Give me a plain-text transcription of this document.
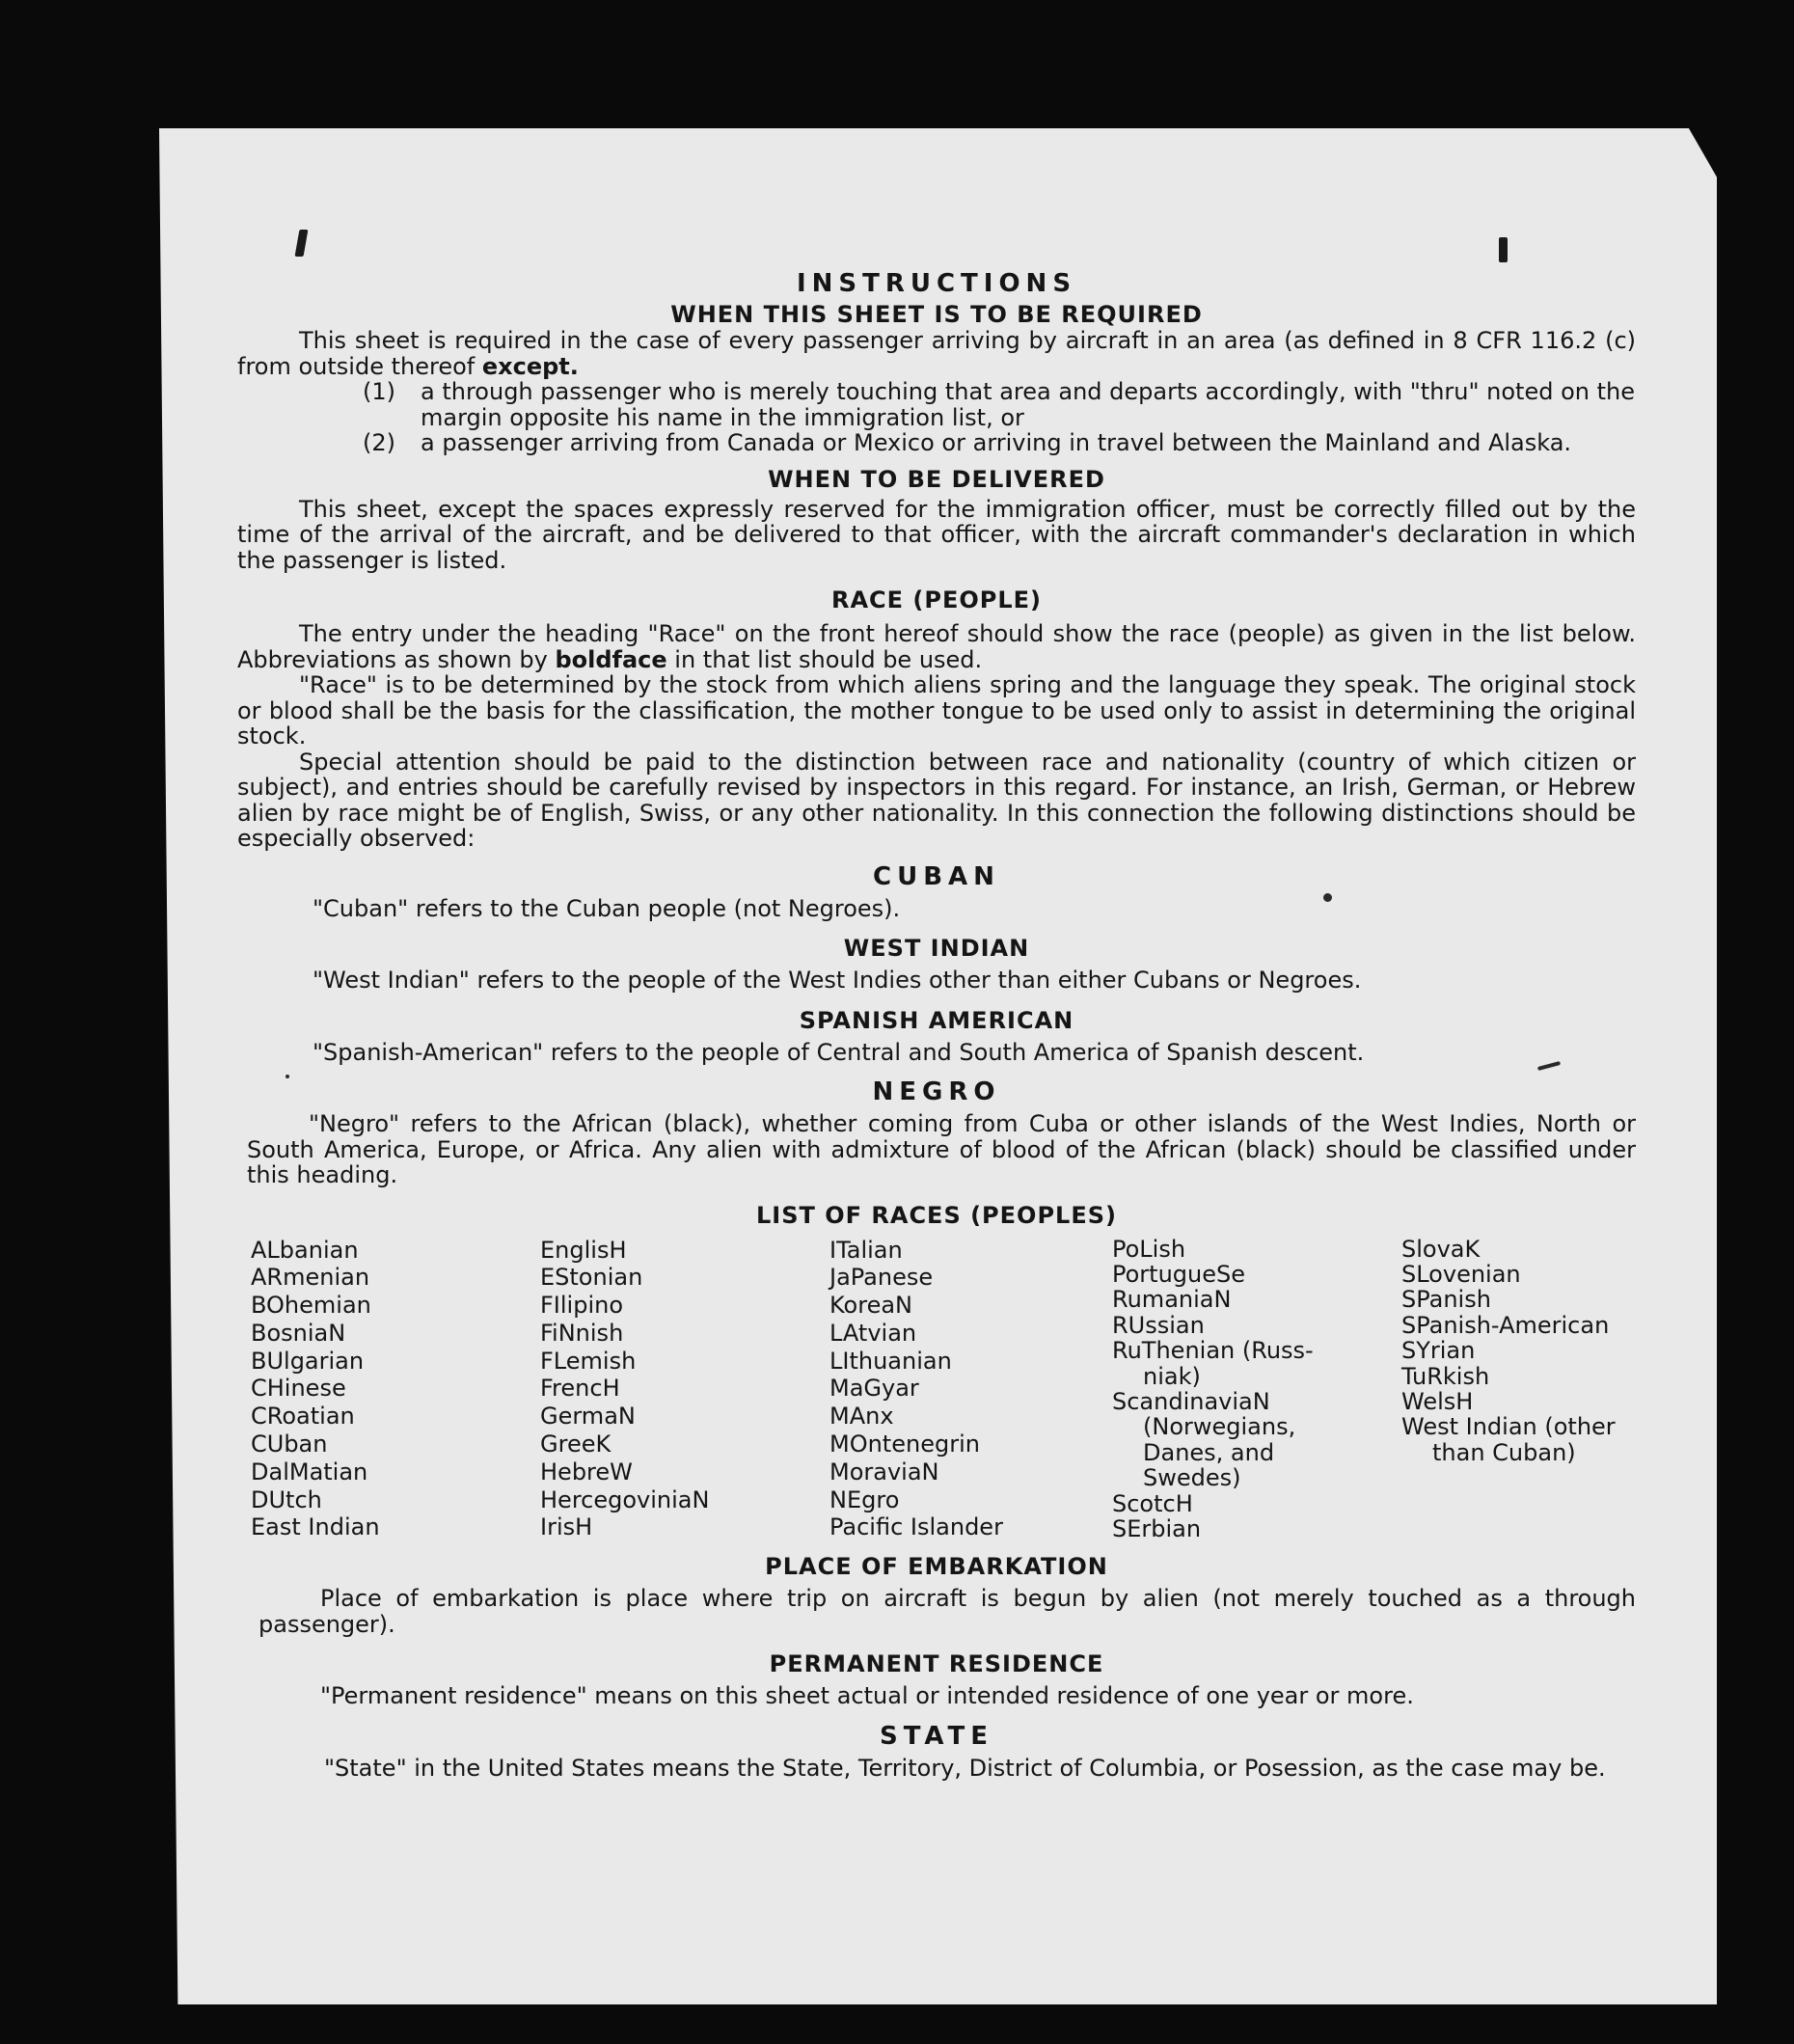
INSTRUCTIONS
WHEN THIS SHEET IS TO BE REQUIRED

This sheet is required in the case of every passenger arriving by aircraft in an area (as defined in 8 CFR 116.2 (c) from outside thereof except.

(1)	a through passenger who is merely touching that area and departs accordingly, with "thru" noted on the margin opposite his name in the immigration list, or
(2)	a passenger arriving from Canada or Mexico or arriving in travel between the Mainland and Alaska.
WHEN TO BE DELIVERED

This sheet, except the spaces expressly reserved for the immigration officer, must be correctly filled out by the time of the arrival of the aircraft, and be delivered to that officer, with the aircraft commander's declaration in which the passenger is listed.

RACE (PEOPLE)

The entry under the heading "Race" on the front hereof should show the race (people) as given in the list below. Abbreviations as shown by boldface in that list should be used.

"Race" is to be determined by the stock from which aliens spring and the language they speak. The original stock or blood shall be the basis for the classification, the mother tongue to be used only to assist in determining the original stock.

Special attention should be paid to the distinction between race and nationality (country of which citizen or subject), and entries should be carefully revised by inspectors in this regard. For instance, an Irish, German, or Hebrew alien by race might be of English, Swiss, or any other nationality. In this connection the following distinctions should be especially observed:

CUBAN

"Cuban" refers to the Cuban people (not Negroes).

WEST INDIAN

"West Indian" refers to the people of the West Indies other than either Cubans or Negroes.

SPANISH AMERICAN

"Spanish-American" refers to the people of Central and South America of Spanish descent.

NEGRO

"Negro" refers to the African (black), whether coming from Cuba or other islands of the West Indies, North or South America, Europe, or Africa. Any alien with admixture of blood of the African (black) should be classified under this heading.

LIST OF RACES (PEOPLES)
ALbanian
ARmenian
BOhemian
BosniaN
BUlgarian
CHinese
CRoatian
CUban
DalMatian
DUtch
East Indian
EnglisH
EStonian
FIlipino
FiNnish
FLemish
FrencH
GermaN
GreeK
HebreW
HercegoviniaN
IrisH
ITalian
JaPanese
KoreaN
LAtvian
LIthuanian
MaGyar
MAnx
MOntenegrin
MoraviaN
NEgro
Pacific Islander
PoLish
PortugueSe
RumaniaN
RUssian
RuThenian (Russ-
niak)
ScandinaviaN
(Norwegians,
Danes, and
Swedes)
ScotcH
SErbian
SlovaK
SLovenian
SPanish
SPanish-American
SYrian
TuRkish
WelsH
West Indian (other
than Cuban)
PLACE OF EMBARKATION

Place of embarkation is place where trip on aircraft is begun by alien (not merely touched as a through passenger).

PERMANENT RESIDENCE

"Permanent residence" means on this sheet actual or intended residence of one year or more.

STATE

"State" in the United States means the State, Territory, District of Columbia, or Posession, as the case may be.
